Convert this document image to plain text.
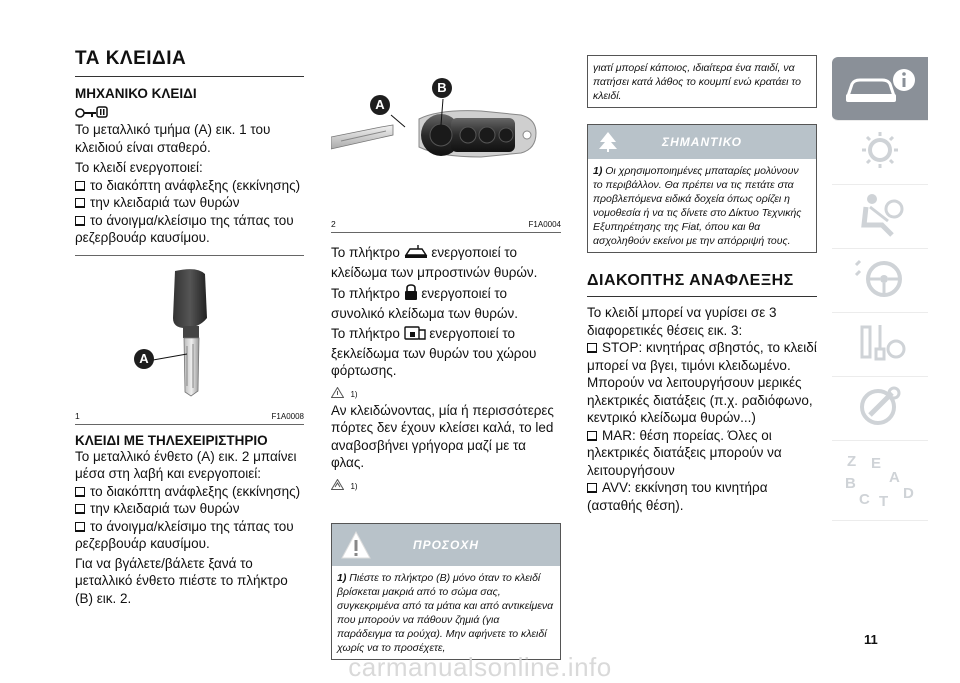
ΤΑ ΚΛΕΙΔΙΑ
ΜΗΧΑΝΙΚΟ ΚΛΕΙΔΙ
Το μεταλλικό τμήμα (A) εικ. 1 του κλειδιού είναι σταθερό.
Το κλειδί ενεργοποιεί:
το διακόπτη ανάφλεξης (εκκίνησης)
την κλειδαριά των θυρών
το άνοιγμα/κλείσιμο της τάπας του ρεζερβουάρ καυσίμου.
A
1	F1A0008
ΚΛΕΙΔΙ ΜΕ ΤΗΛΕΧΕΙΡΙΣΤΗΡΙΟ
Το μεταλλικό ένθετο (A) εικ. 2 μπαίνει μέσα στη λαβή και ενεργοποιεί:
το διακόπτη ανάφλεξης (εκκίνησης)
την κλειδαριά των θυρών
το άνοιγμα/κλείσιμο της τάπας του ρεζερβουάρ καυσίμου.
Για να βγάλετε/βάλετε ξανά το μεταλλικό ένθετο πιέστε το πλήκτρο (B) εικ. 2.
A
B
2	F1A0004
Το πλήκτρο ενεργοποιεί το κλείδωμα των μπροστινών θυρών.
Το πλήκτρο ενεργοποιεί το συνολικό κλείδωμα των θυρών.
Το πλήκτρο ενεργοποιεί το ξεκλείδωμα των θυρών του χώρου φόρτωσης.
1)
Αν κλειδώνοντας, μία ή περισσότερες πόρτες δεν έχουν κλείσει καλά, το led αναβοσβήνει γρήγορα μαζί με τα φλας.
1)
ΠΡΟΣΟΧΗ
1) Πιέστε το πλήκτρο (B) μόνο όταν το κλειδί βρίσκεται μακριά από το σώμα σας, συγκεκριμένα από τα μάτια και από αντικείμενα που μπορούν να πάθουν ζημιά (για παράδειγμα τα ρούχα). Μην αφήνετε το κλειδί χωρίς να το προσέχετε,
γιατί μπορεί κάποιος, ιδιαίτερα ένα παιδί, να πατήσει κατά λάθος το κουμπί ενώ κρατάει το κλειδί.
ΣΗΜΑΝΤΙΚΟ
1) Οι χρησιμοποιημένες μπαταρίες μολύνουν το περιβάλλον. Θα πρέπει να τις πετάτε στα προβλεπόμενα ειδικά δοχεία όπως ορίζει η νομοθεσία ή να τις δίνετε στο Δίκτυο Τεχνικής Εξυπηρέτησης της Fiat, όπου και θα ασχοληθούν εκείνοι με την απόρριψή τους.
ΔΙΑΚΟΠΤΗΣ ΑΝΑΦΛΕΞΗΣ
Το κλειδί μπορεί να γυρίσει σε 3 διαφορετικές θέσεις εικ. 3:
STOP: κινητήρας σβηστός, το κλειδί μπορεί να βγει, τιμόνι κλειδωμένο. Μπορούν να λειτουργήσουν μερικές ηλεκτρικές διατάξεις (π.χ. ραδιόφωνο, κεντρικό κλείδωμα θυρών...)
MAR: θέση πορείας. Όλες οι ηλεκτρικές διατάξεις μπορούν να λειτουργήσουν
AVV: εκκίνηση του κινητήρα (ασταθής θέση).
Z E
A
B
D
C T
11
carmanualsonline.info
